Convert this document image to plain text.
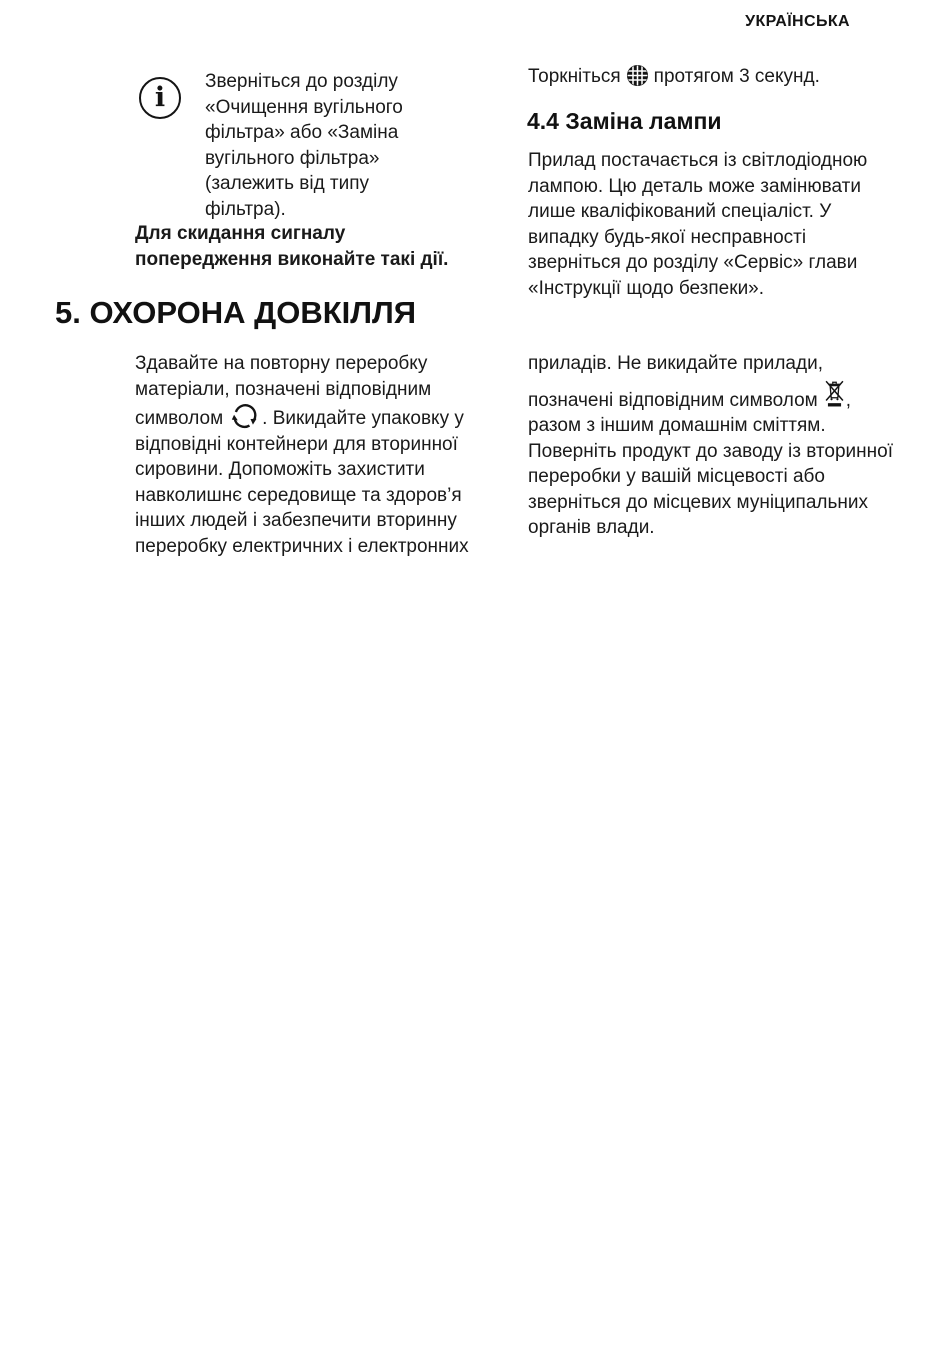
УКРАЇНСЬКА
i Зверніться до розділу «Очищення вугільного фільтра» або «Заміна вугільного фільтра» (залежить від типу фільтра).

Для скидання сигналу попередження виконайте такі дії.

Торкніться протягом 3 секунд.

4.4 Заміна лампи

Прилад постачається із світлодіодною лампою. Цю деталь може замінювати лише кваліфікований спеціаліст. У випадку будь-якої несправності зверніться до розділу «Сервіс» глави «Інструкції щодо безпеки».

5. ОХОРОНА ДОВКІЛЛЯ

Здавайте на повторну переробку матеріали, позначені відповідним символом . Викидайте упаковку у відповідні контейнери для вторинної сировини. Допоможіть захистити навколишнє середовище та здоров’я інших людей і забезпечити вторинну переробку електричних і електронних

приладів. Не викидайте прилади, позначені відповідним символом , разом з іншим домашнім сміттям. Поверніть продукт до заводу із вторинної переробки у вашій місцевості або зверніться до місцевих муніципальних органів влади.
